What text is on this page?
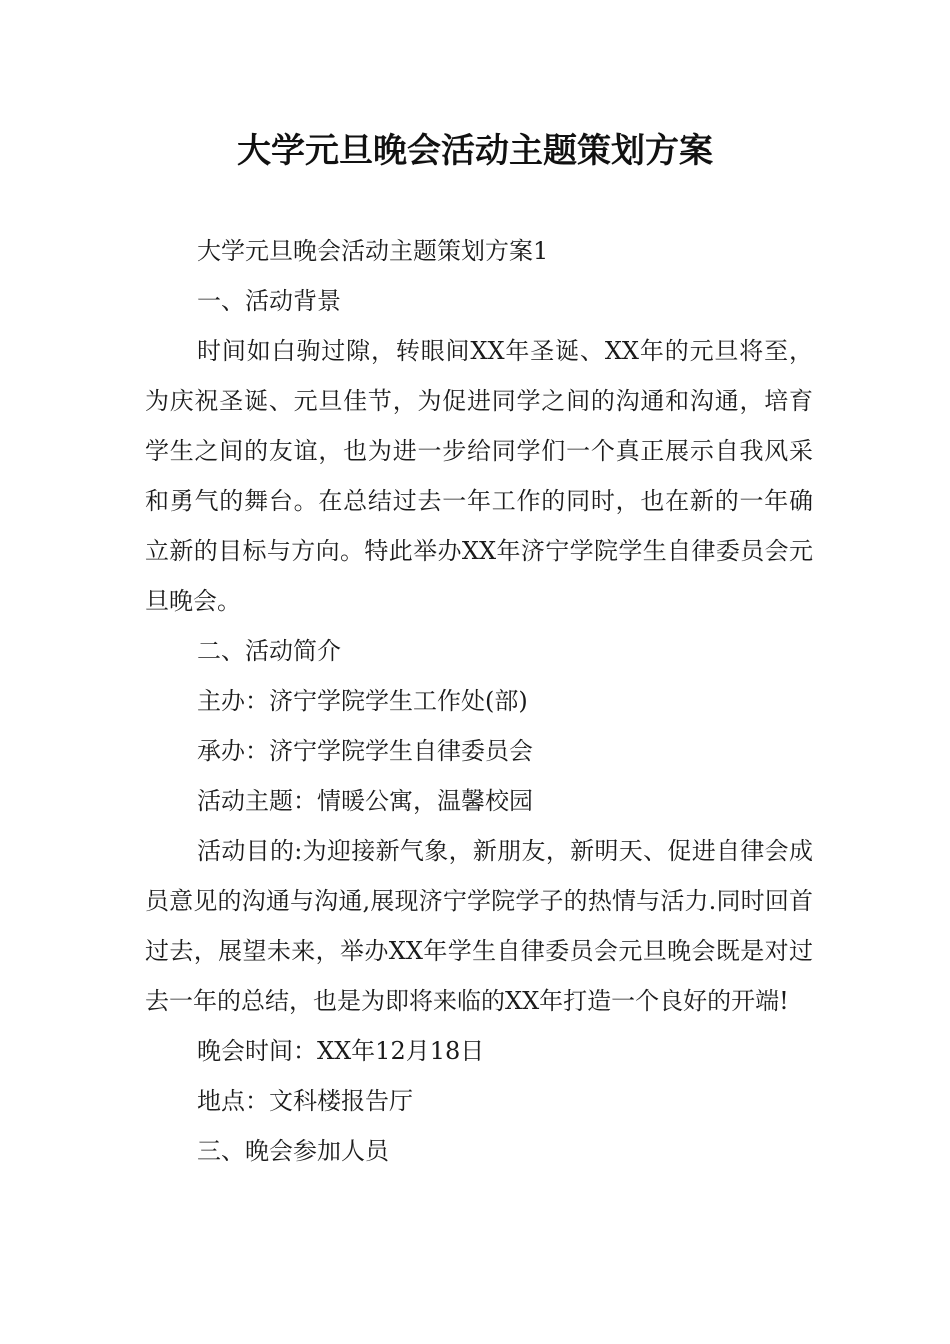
大学元旦晚会活动主题策划方案

大学元旦晚会活动主题策划方案1

一、活动背景

时间如白驹过隙，转眼间XX年圣诞、XX年的元旦将至，为庆祝圣诞、元旦佳节，为促进同学之间的沟通和沟通，培育学生之间的友谊，也为进一步给同学们一个真正展示自我风采和勇气的舞台。在总结过去一年工作的同时，也在新的一年确立新的目标与方向。特此举办XX年济宁学院学生自律委员会元旦晚会。

二、活动简介

主办：济宁学院学生工作处(部)

承办：济宁学院学生自律委员会

活动主题：情暖公寓，温馨校园

活动目的:为迎接新气象，新朋友，新明天、促进自律会成员意见的沟通与沟通,展现济宁学院学子的热情与活力.同时回首过去，展望未来，举办XX年学生自律委员会元旦晚会既是对过去一年的总结，也是为即将来临的XX年打造一个良好的开端!

晚会时间：XX年12月18日

地点：文科楼报告厅

三、晚会参加人员
